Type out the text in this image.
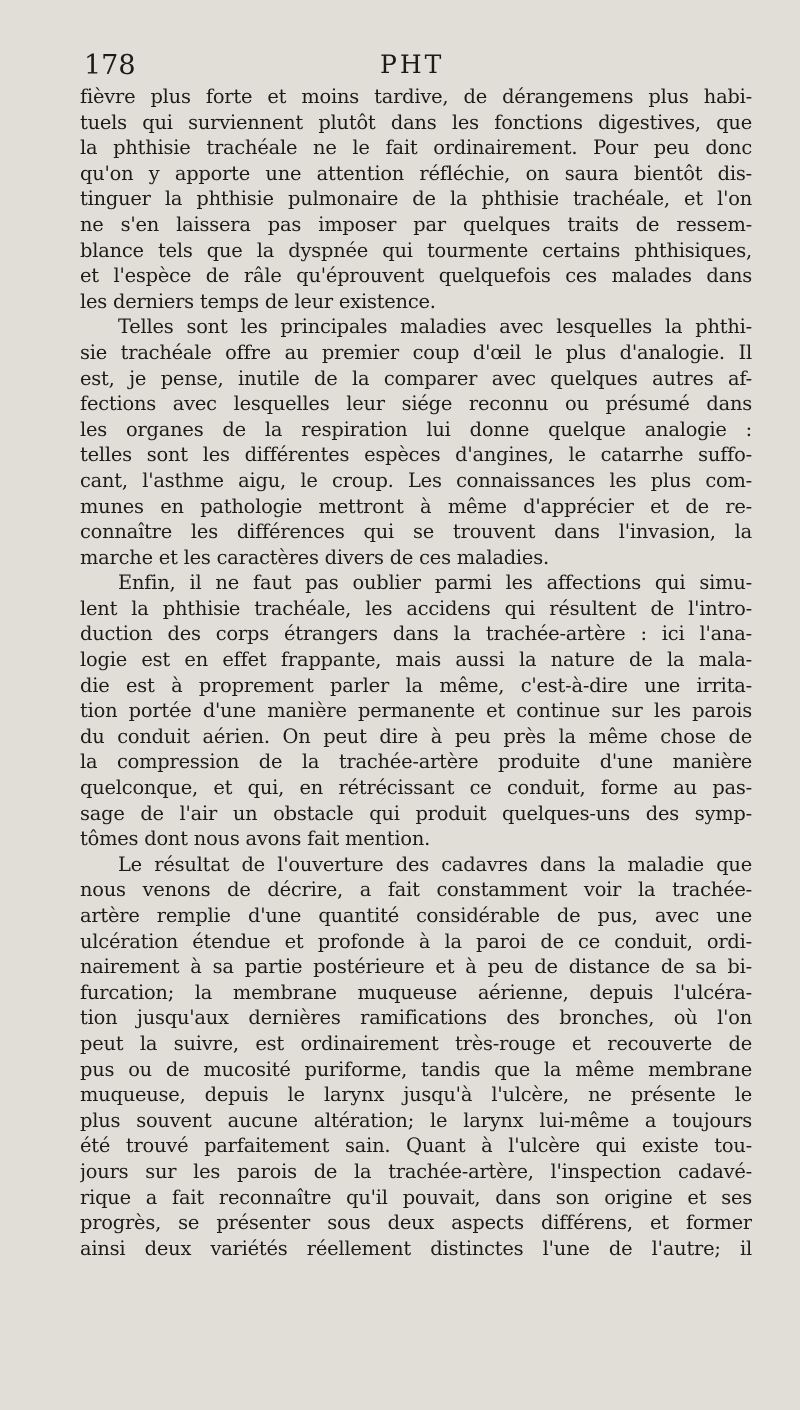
178	PHT
fièvre plus forte et moins tardive, de dérangemens plus habi-
tuels qui surviennent plutôt dans les fonctions digestives, que
la phthisie trachéale ne le fait ordinairement. Pour peu donc
qu'on y apporte une attention réfléchie, on saura bientôt dis-
tinguer la phthisie pulmonaire de la phthisie trachéale, et l'on
ne s'en laissera pas imposer par quelques traits de ressem-
blance tels que la dyspnée qui tourmente certains phthisiques,
et l'espèce de râle qu'éprouvent quelquefois ces malades dans
les derniers temps de leur existence.
Telles sont les principales maladies avec lesquelles la phthi-
sie trachéale offre au premier coup d'œil le plus d'analogie. Il
est, je pense, inutile de la comparer avec quelques autres af-
fections avec lesquelles leur siége reconnu ou présumé dans
les organes de la respiration lui donne quelque analogie :
telles sont les différentes espèces d'angines, le catarrhe suffo-
cant, l'asthme aigu, le croup. Les connaissances les plus com-
munes en pathologie mettront à même d'apprécier et de re-
connaître les différences qui se trouvent dans l'invasion, la
marche et les caractères divers de ces maladies.
Enfin, il ne faut pas oublier parmi les affections qui simu-
lent la phthisie trachéale, les accidens qui résultent de l'intro-
duction des corps étrangers dans la trachée-artère : ici l'ana-
logie est en effet frappante, mais aussi la nature de la mala-
die est à proprement parler la même, c'est-à-dire une irrita-
tion portée d'une manière permanente et continue sur les parois
du conduit aérien. On peut dire à peu près la même chose de
la compression de la trachée-artère produite d'une manière
quelconque, et qui, en rétrécissant ce conduit, forme au pas-
sage de l'air un obstacle qui produit quelques-uns des symp-
tômes dont nous avons fait mention.
Le résultat de l'ouverture des cadavres dans la maladie que
nous venons de décrire, a fait constamment voir la trachée-
artère remplie d'une quantité considérable de pus, avec une
ulcération étendue et profonde à la paroi de ce conduit, ordi-
nairement à sa partie postérieure et à peu de distance de sa bi-
furcation; la membrane muqueuse aérienne, depuis l'ulcéra-
tion jusqu'aux dernières ramifications des bronches, où l'on
peut la suivre, est ordinairement très-rouge et recouverte de
pus ou de mucosité puriforme, tandis que la même membrane
muqueuse, depuis le larynx jusqu'à l'ulcère, ne présente le
plus souvent aucune altération; le larynx lui-même a toujours
été trouvé parfaitement sain. Quant à l'ulcère qui existe tou-
jours sur les parois de la trachée-artère, l'inspection cadavé-
rique a fait reconnaître qu'il pouvait, dans son origine et ses
progrès, se présenter sous deux aspects différens, et former
ainsi deux variétés réellement distinctes l'une de l'autre; il
